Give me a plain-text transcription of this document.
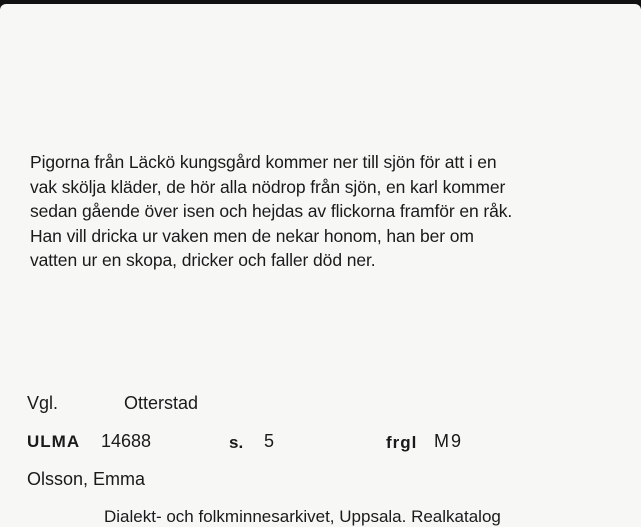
Pigorna från Läckö kungsgård kommer ner till sjön för att i en
vak skölja kläder, de hör alla nödrop från sjön, en karl kommer
sedan gående över isen och hejdas av flickorna framför en råk.
Han vill dricka ur vaken men de nekar honom, han ber om
vatten ur en skopa, dricker och faller död ner.

Vgl.	Otterstad
ULMA 14688	s. 5	frgl M9
Olsson, Emma
Dialekt- och folkminnesarkivet, Uppsala. Realkatalog
